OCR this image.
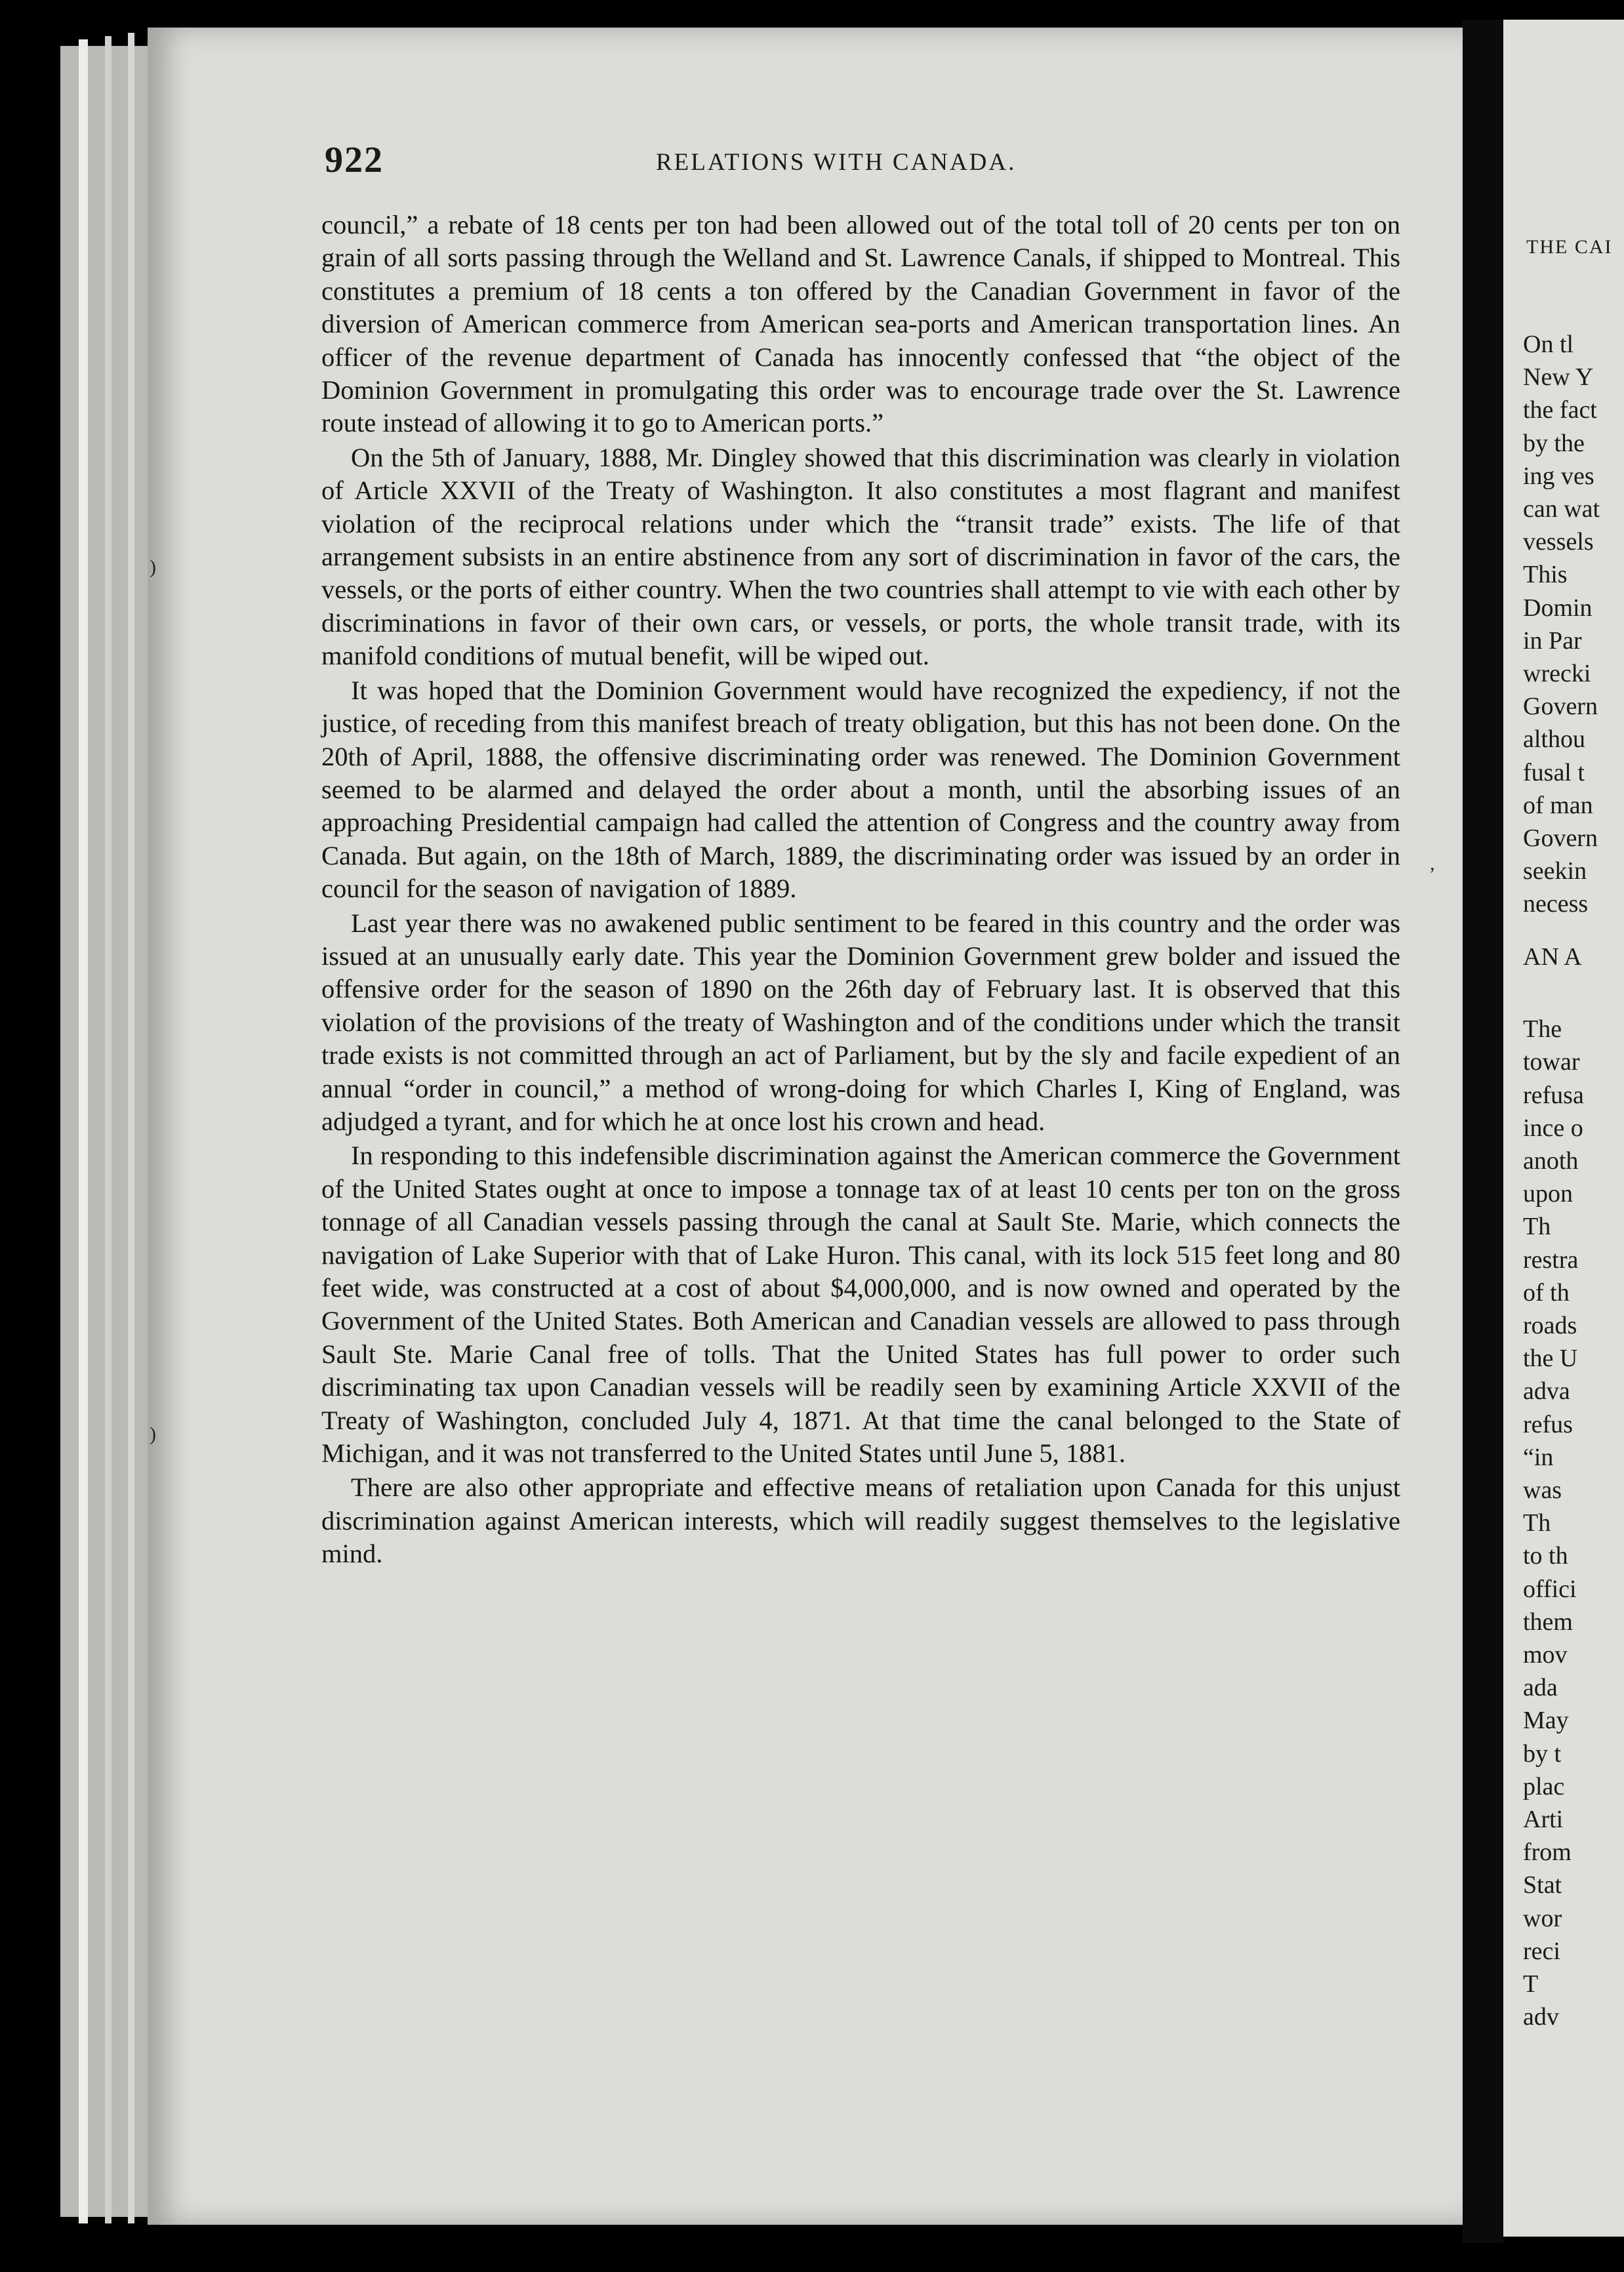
922	RELATIONS WITH CANADA.

council,” a rebate of 18 cents per ton had been allowed out of the total toll of 20 cents per ton on grain of all sorts passing through the Welland and St. Lawrence Canals, if shipped to Montreal. This constitutes a premium of 18 cents a ton offered by the Canadian Government in favor of the diversion of American commerce from American sea-ports and American transportation lines. An officer of the revenue department of Canada has innocently confessed that “the object of the Dominion Government in promulgating this order was to encourage trade over the St. Lawrence route instead of allowing it to go to American ports.”

On the 5th of January, 1888, Mr. Dingley showed that this discrimination was clearly in violation of Article XXVII of the Treaty of Washington. It also constitutes a most flagrant and manifest violation of the reciprocal relations under which the “transit trade” exists. The life of that arrangement subsists in an entire abstinence from any sort of discrimination in favor of the cars, the vessels, or the ports of either country. When the two countries shall attempt to vie with each other by discriminations in favor of their own cars, or vessels, or ports, the whole transit trade, with its manifold conditions of mutual benefit, will be wiped out.

It was hoped that the Dominion Government would have recognized the expediency, if not the justice, of receding from this manifest breach of treaty obligation, but this has not been done. On the 20th of April, 1888, the offensive discriminating order was renewed. The Dominion Government seemed to be alarmed and delayed the order about a month, until the absorbing issues of an approaching Presidential campaign had called the attention of Congress and the country away from Canada. But again, on the 18th of March, 1889, the discriminating order was issued by an order in council for the season of navigation of 1889.

Last year there was no awakened public sentiment to be feared in this country and the order was issued at an unusually early date. This year the Dominion Government grew bolder and issued the offensive order for the season of 1890 on the 26th day of February last. It is observed that this violation of the provisions of the treaty of Washington and of the conditions under which the transit trade exists is not committed through an act of Parliament, but by the sly and facile expedient of an annual “order in council,” a method of wrong-doing for which Charles I, King of England, was adjudged a tyrant, and for which he at once lost his crown and head.

In responding to this indefensible discrimination against the American commerce the Government of the United States ought at once to impose a tonnage tax of at least 10 cents per ton on the gross tonnage of all Canadian vessels passing through the canal at Sault Ste. Marie, which connects the navigation of Lake Superior with that of Lake Huron. This canal, with its lock 515 feet long and 80 feet wide, was constructed at a cost of about $4,000,000, and is now owned and operated by the Government of the United States. Both American and Canadian vessels are allowed to pass through Sault Ste. Marie Canal free of tolls. That the United States has full power to order such discriminating tax upon Canadian vessels will be readily seen by examining Article XXVII of the Treaty of Washington, concluded July 4, 1871. At that time the canal belonged to the State of Michigan, and it was not transferred to the United States until June 5, 1881.

There are also other appropriate and effective means of retaliation upon Canada for this unjust discrimination against American interests, which will readily suggest themselves to the legislative mind.

)
,
)
THE CAI
On tl
New Y
the fact
by the
ing ves
can wat
vessels
This
Domin
in Par
wrecki
Govern
althou
fusal t
of man
Govern
seekin
necess
AN A
The
towar
refusa
ince o
anoth
upon
Th
restra
of th
roads
the U
adva
refus
“in
was
Th
to th
offici
them
mov
ada
May
by t
plac
Arti
from
Stat
wor
reci
T
adv
